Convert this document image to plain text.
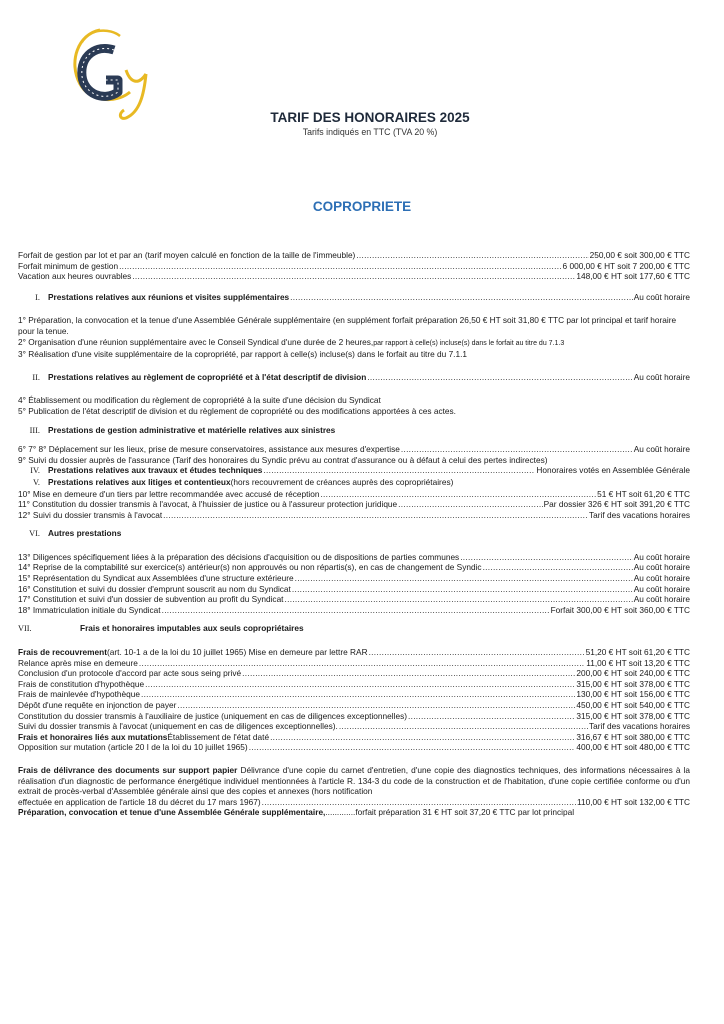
TARIF DES HONORAIRES 2025
Tarifs indiqués en TTC (TVA 20 %)
COPROPRIETE
Forfait de gestion par lot et par an (tarif moyen calculé en fonction de la taille de l'immeuble) .....	250,00 € soit 300,00 € TTC
Forfait minimum de gestion .....	6 000,00 € HT soit 7 200,00 € TTC
Vacation aux heures ouvrables .....	148,00 € HT soit 177,60 € TTC
I. Prestations relatives aux réunions et visites supplémentaires .....	Au coût horaire
1° Préparation, la convocation et la tenue d'une Assemblée Générale supplémentaire (en supplément forfait préparation 26,50 € HT soit 31,80 € TTC par lot principal et tarif horaire pour la tenue.
2° Organisation d'une réunion supplémentaire avec le Conseil Syndical d'une durée de 2 heures, par rapport à celle(s) incluse(s) dans le forfait au titre du 7.1.3
3° Réalisation d'une visite supplémentaire de la copropriété, par rapport à celle(s) incluse(s) dans le forfait au titre du 7.1.1
II. Prestations relatives au règlement de copropriété et à l'état descriptif de division .....	Au coût horaire
4° Établissement ou modification du règlement de copropriété à la suite d'une décision du Syndicat
5° Publication de l'état descriptif de division et du règlement de copropriété ou des modifications apportées à ces actes.
III. Prestations de gestion administrative et matérielle relatives aux sinistres
6° 7° 8° Déplacement sur les lieux, prise de mesure conservatoires, assistance aux mesures d'expertise .....	Au coût horaire
9° Suivi du dossier auprès de l'assurance (Tarif des honoraires du Syndic prévu au contrat d'assurance ou à défaut à celui des pertes indirectes)
IV. Prestations relatives aux travaux et études techniques .....	Honoraires votés en Assemblée Générale
V. Prestations relatives aux litiges et contentieux (hors recouvrement de créances auprès des copropriétaires)
10° Mise en demeure d'un tiers par lettre recommandée avec accusé de réception .....	51 € HT soit 61,20 € TTC
11° Constitution du dossier transmis à l'avocat, à l'huissier de justice ou à l'assureur protection juridique .....	Par dossier 326 € HT soit 391,20 € TTC
12° Suivi du dossier transmis à l'avocat .....	Tarif des vacations horaires
VI. Autres prestations
13° Diligences spécifiquement liées à la préparation des décisions d'acquisition ou de dispositions de parties communes .....	Au coût horaire
14° Reprise de la comptabilité sur exercice(s) antérieur(s) non approuvés ou non répartis(s), en cas de changement de Syndic .....	Au coût horaire
15° Représentation du Syndicat aux Assemblées d'une structure extérieure .....	Au coût horaire
16° Constitution et suivi du dossier d'emprunt souscrit au nom du Syndicat .....	Au coût horaire
17° Constitution et suivi d'un dossier de subvention au profit du Syndicat .....	Au coût horaire
18° Immatriculation initiale du Syndicat .....	Forfait 300,00 € HT soit 360,00 € TTC
VII.	Frais et honoraires imputables aux seuls copropriétaires
Frais de recouvrement (art. 10-1 a de la loi du 10 juillet 1965) Mise en demeure par lettre RAR .....	51,20 € HT soit 61,20 € TTC
Relance après mise en demeure .....	11,00 € HT soit 13,20 € TTC
Conclusion d'un protocole d'accord par acte sous seing privé .....	200,00 € HT soit 240,00 € TTC
Frais de constitution d'hypothèque .....	315,00 € HT soit 378,00 € TTC
Frais de mainlevée d'hypothèque .....	130,00 € HT soit 156,00 € TTC
Dépôt d'une requête en injonction de payer .....	450,00 € HT soit 540,00 € TTC
Constitution du dossier transmis à l'auxiliaire de justice (uniquement en cas de diligences exceptionnelles) .....	315,00 € HT soit 378,00 € TTC
Suivi du dossier transmis à l'avocat (uniquement en cas de diligences exceptionnelles). .....	Tarif des vacations horaires
Frais et honoraires liés aux mutations Établissement de l'état daté .....	316,67 € HT soit 380,00 € TTC
Opposition sur mutation (article 20 I de la loi du 10 juillet 1965) .....	400,00 € HT soit 480,00 € TTC
Frais de délivrance des documents sur support papier Délivrance d'une copie du carnet d'entretien, d'une copie des diagnostics techniques, des informations nécessaires à la réalisation d'un diagnostic de performance énergétique individuel mentionnées à l'article R. 134-3 du code de la construction et de l'habitation, d'une copie certifiée conforme ou d'un extrait de procès-verbal d'Assemblée générale ainsi que des copies et annexes (hors notification
effectuée en application de l'article 18 du décret du 17 mars 1967) .....	110,00 € HT soit 132,00 € TTC
Préparation, convocation et tenue d'une Assemblée Générale supplémentaire, ............. forfait préparation 31 € HT soit 37,20 € TTC par lot principal
